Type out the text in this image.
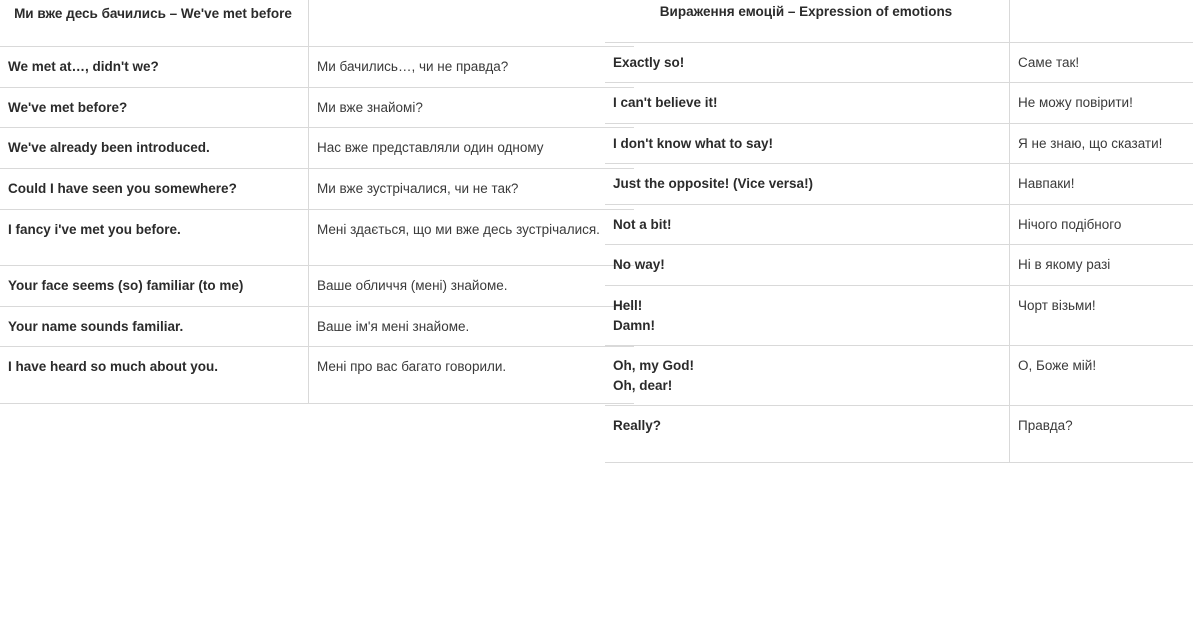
Ми вже десь бачились – We've met before	

We met at…, didn't we?	Ми бачились…, чи не правда?

We've met before?	Ми вже знайомі?

We've already been introduced.	Нас вже представляли один одному

Could I have seen you somewhere?	Ми вже зустрічалися, чи не так?

I fancy i've met you before.	Мені здається, що ми вже десь зустрічалися.

Your face seems (so) familiar (to me)	Ваше обличчя (мені) знайоме.

Your name sounds familiar.	Ваше ім'я мені знайоме.

I have heard so much about you.	Мені про вас багато говорили.
Вираження емоцій – Expression of emotions	

Exactly so!	Саме так!

I can't believe it!	Не можу повірити!

I don't know what to say!	Я не знаю, що сказати!

Just the opposite! (Vice versa!)	Навпаки!

Not a bit!	Нічого подібного

No way!	Ні в якому разі

Hell!
Damn!	Чорт візьми!

Oh, my God!
Oh, dear!	О, Боже мій!

Really?	Правда?
